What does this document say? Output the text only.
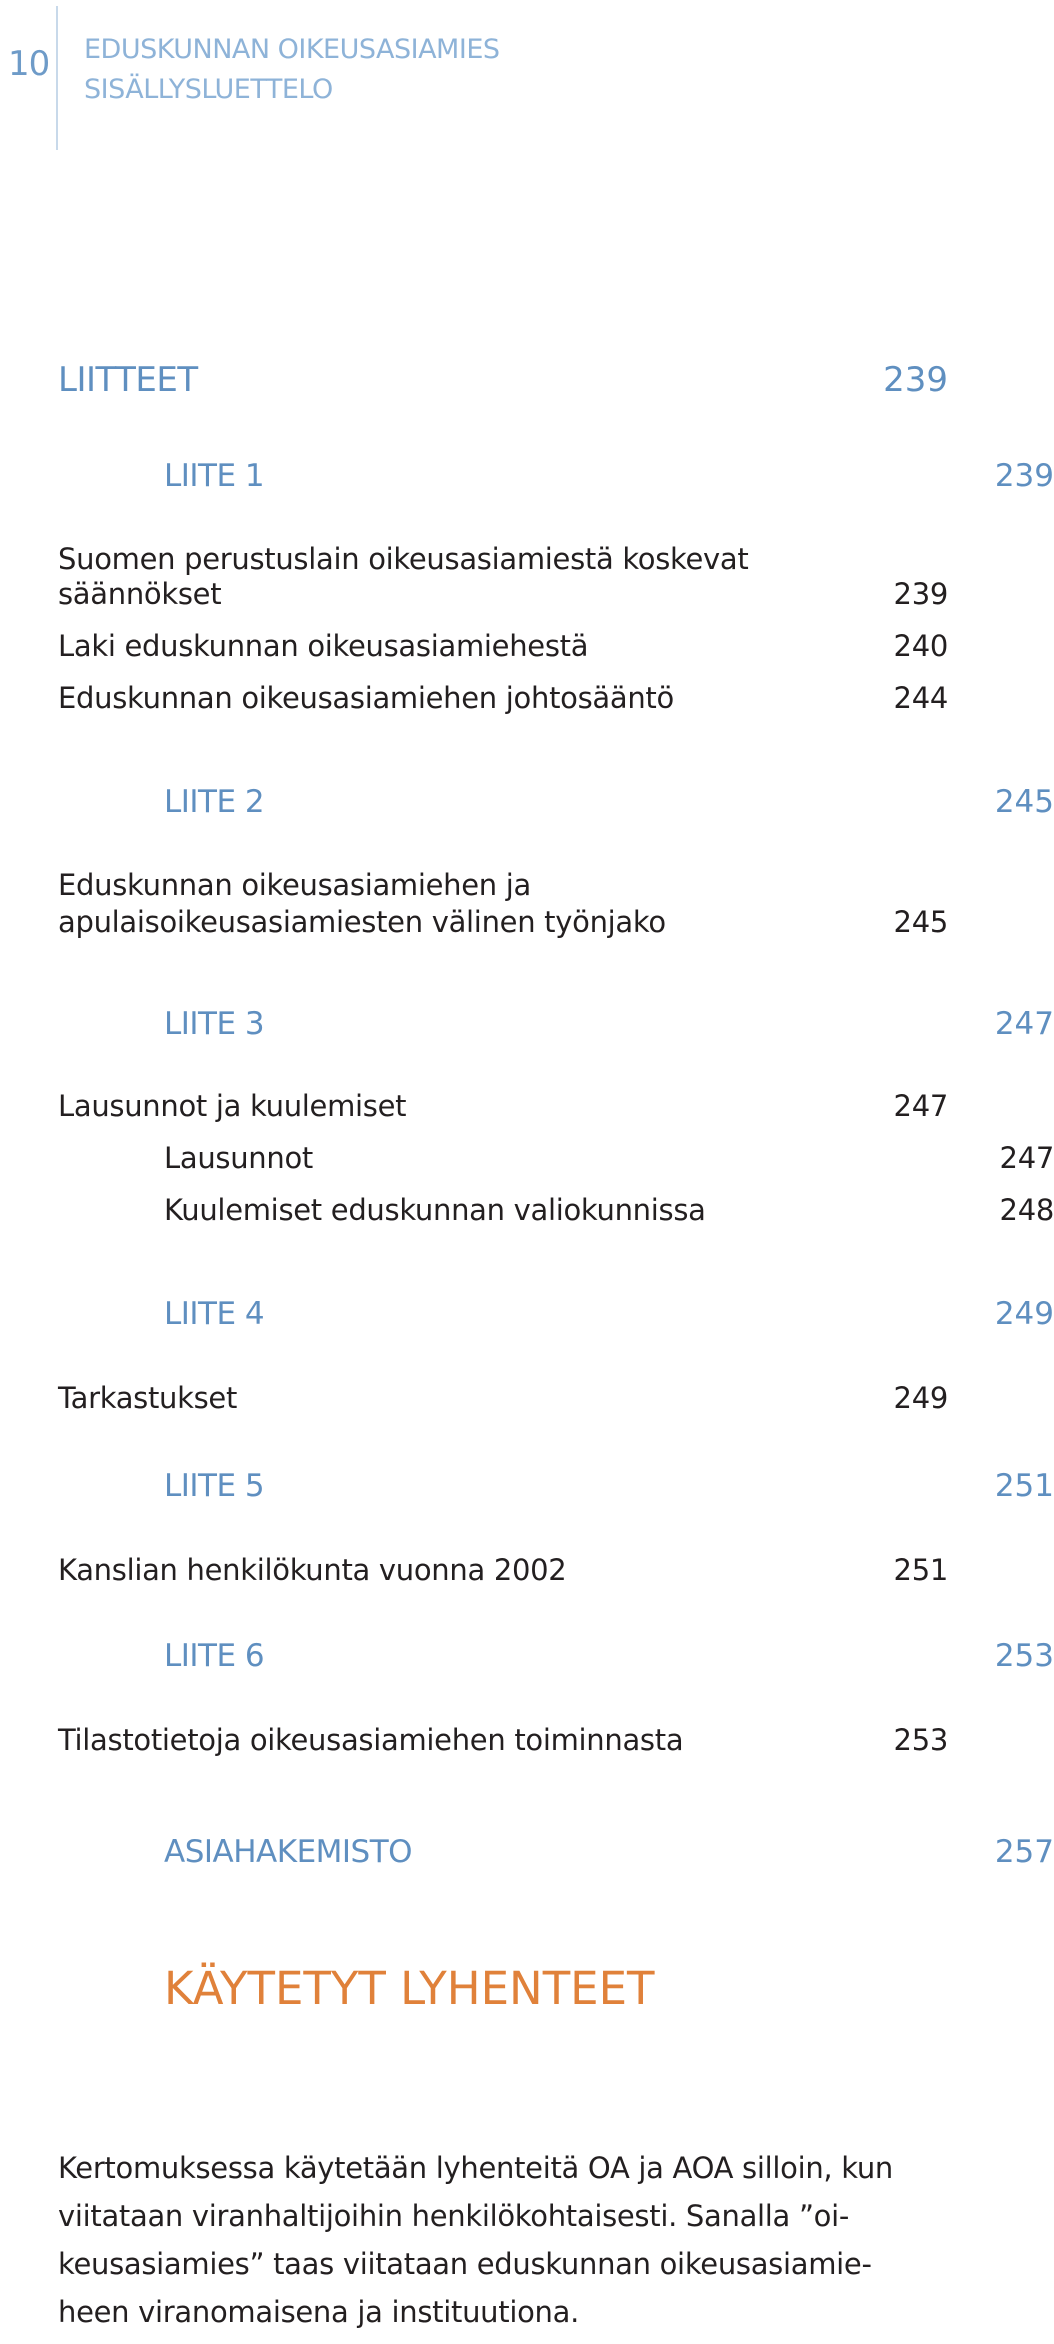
10 EDUSKUNNAN OIKEUSASIAMIES
SISÄLLYSLUETTELO
LIITTEET	239
LIITE 1	239
Suomen perustuslain oikeusasiamiestä koskevat
säännökset	239
Laki eduskunnan oikeusasiamiehestä	240
Eduskunnan oikeusasiamiehen johtosääntö	244
LIITE 2	245
Eduskunnan oikeusasiamiehen ja
apulaisoikeusasiamiesten välinen työnjako	245
LIITE 3	247
Lausunnot ja kuulemiset	247
Lausunnot	247
Kuulemiset eduskunnan valiokunnissa	248
LIITE 4	249
Tarkastukset	249
LIITE 5	251
Kanslian henkilökunta vuonna 2002	251
LIITE 6	253
Tilastotietoja oikeusasiamiehen toiminnasta	253
ASIAHAKEMISTO	257
KÄYTETYT LYHENTEET
Kertomuksessa käytetään lyhenteitä OA ja AOA silloin, kun
viitataan viranhaltijoihin henkilökohtaisesti. Sanalla ”oi-
keusasiamies” taas viitataan eduskunnan oikeusasiamie-
heen viranomaisena ja instituutiona.
